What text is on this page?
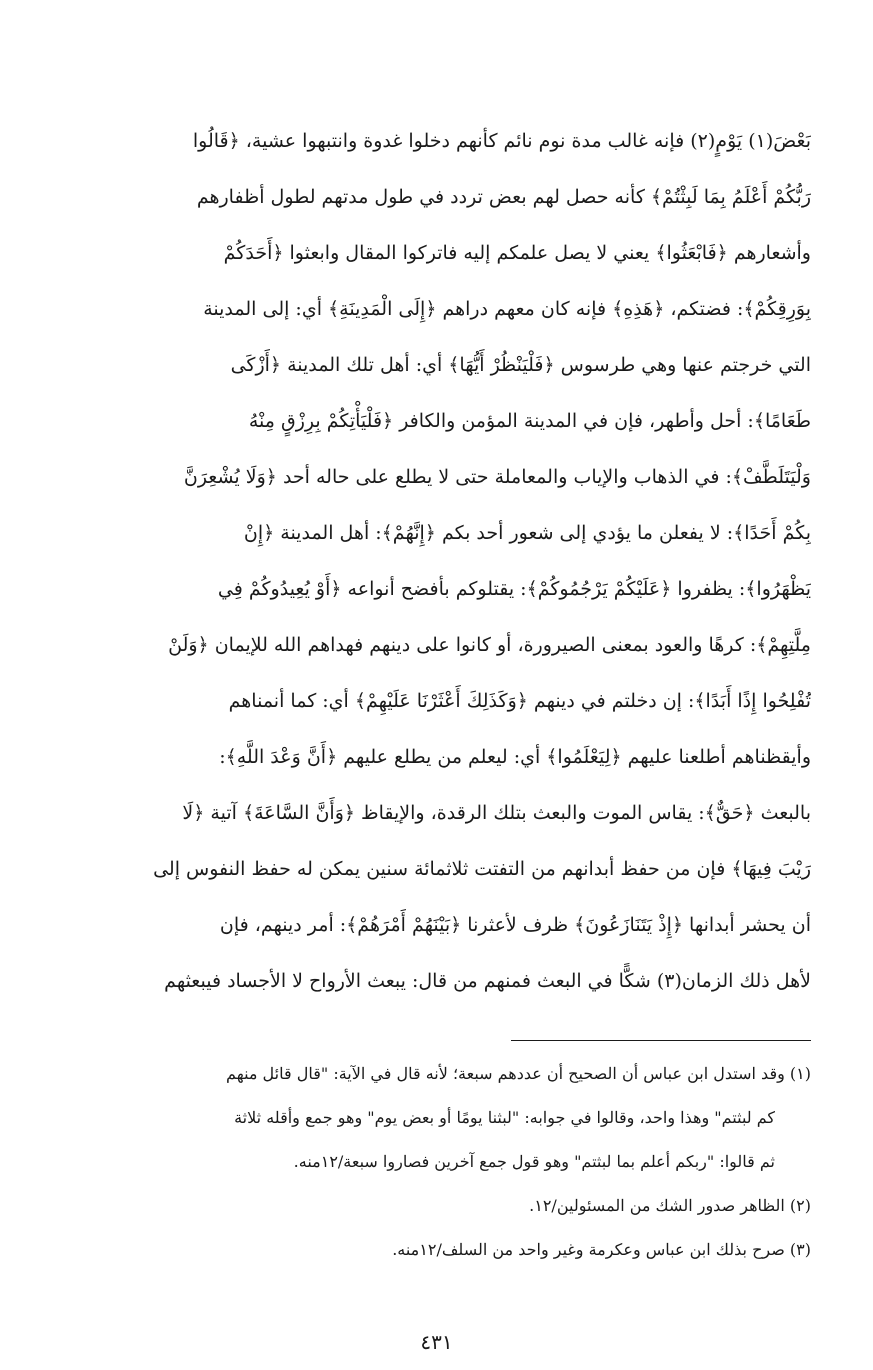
بَعْضَ(١) يَوْمٍ(٢) فإنه غالب مدة نوم نائم كأنهم دخلوا غدوة وانتبهوا عشية، ﴿قَالُوا
رَبُّكُمْ أَعْلَمُ بِمَا لَبِثْتُمْ﴾ كأنه حصل لهم بعض تردد في طول مدتهم لطول أظفارهم
وأشعارهم ﴿فَابْعَثُوا﴾ يعني لا يصل علمكم إليه فاتركوا المقال وابعثوا ﴿أَحَدَكُمْ
بِوَرِقِكُمْ﴾: فضتكم، ﴿هَذِهِ﴾ فإنه كان معهم دراهم ﴿إِلَى الْمَدِينَةِ﴾ أي: إلى المدينة
التي خرجتم عنها وهي طرسوس ﴿فَلْيَنْظُرْ أَيُّهَا﴾ أي: أهل تلك المدينة ﴿أَزْكَى
طَعَامًا﴾: أحل وأطهر، فإن في المدينة المؤمن والكافر ﴿فَلْيَأْتِكُمْ بِرِزْقٍ مِنْهُ
وَلْيَتَلَطَّفْ﴾: في الذهاب والإياب والمعاملة حتى لا يطلع على حاله أحد ﴿وَلَا يُشْعِرَنَّ
بِكُمْ أَحَدًا﴾: لا يفعلن ما يؤدي إلى شعور أحد بكم ﴿إِنَّهُمْ﴾: أهل المدينة ﴿إِنْ
يَظْهَرُوا﴾: يظفروا ﴿عَلَيْكُمْ يَرْجُمُوكُمْ﴾: يقتلوكم بأفضح أنواعه ﴿أَوْ يُعِيدُوكُمْ فِي
مِلَّتِهِمْ﴾: كرهًا والعود بمعنى الصيرورة، أو كانوا على دينهم فهداهم الله للإيمان ﴿وَلَنْ
تُفْلِحُوا إِذًا أَبَدًا﴾: إن دخلتم في دينهم ﴿وَكَذَلِكَ أَعْثَرْنَا عَلَيْهِمْ﴾ أي: كما أنمناهم
وأيقظناهم أطلعنا عليهم ﴿لِيَعْلَمُوا﴾ أي: ليعلم من يطلع عليهم ﴿أَنَّ وَعْدَ اللَّهِ﴾:
بالبعث ﴿حَقٌّ﴾: يقاس الموت والبعث بتلك الرقدة، والإيقاظ ﴿وَأَنَّ السَّاعَةَ﴾ آتية ﴿لَا
رَيْبَ فِيهَا﴾ فإن من حفظ أبدانهم من التفتت ثلاثمائة سنين يمكن له حفظ النفوس إلى
أن يحشر أبدانها ﴿إِذْ يَتَنَازَعُونَ﴾ ظرف لأعثرنا ﴿بَيْنَهُمْ أَمْرَهُمْ﴾: أمر دينهم، فإن
لأهل ذلك الزمان(٣) شكًّا في البعث فمنهم من قال: يبعث الأرواح لا الأجساد فيبعثهم
(١) وقد استدل ابن عباس أن الصحيح أن عددهم سبعة؛ لأنه قال في الآية: "قال قائل منهم
كم لبثتم" وهذا واحد، وقالوا في جوابه: "لبثنا يومًا أو بعض يوم" وهو جمع وأقله ثلاثة
ثم قالوا: "ربكم أعلم بما لبثتم" وهو قول جمع آخرين فصاروا سبعة/١٢منه.
(٢) الظاهر صدور الشك من المسئولين/١٢.
(٣) صرح بذلك ابن عباس وعكرمة وغير واحد من السلف/١٢منه.
٤٣١
